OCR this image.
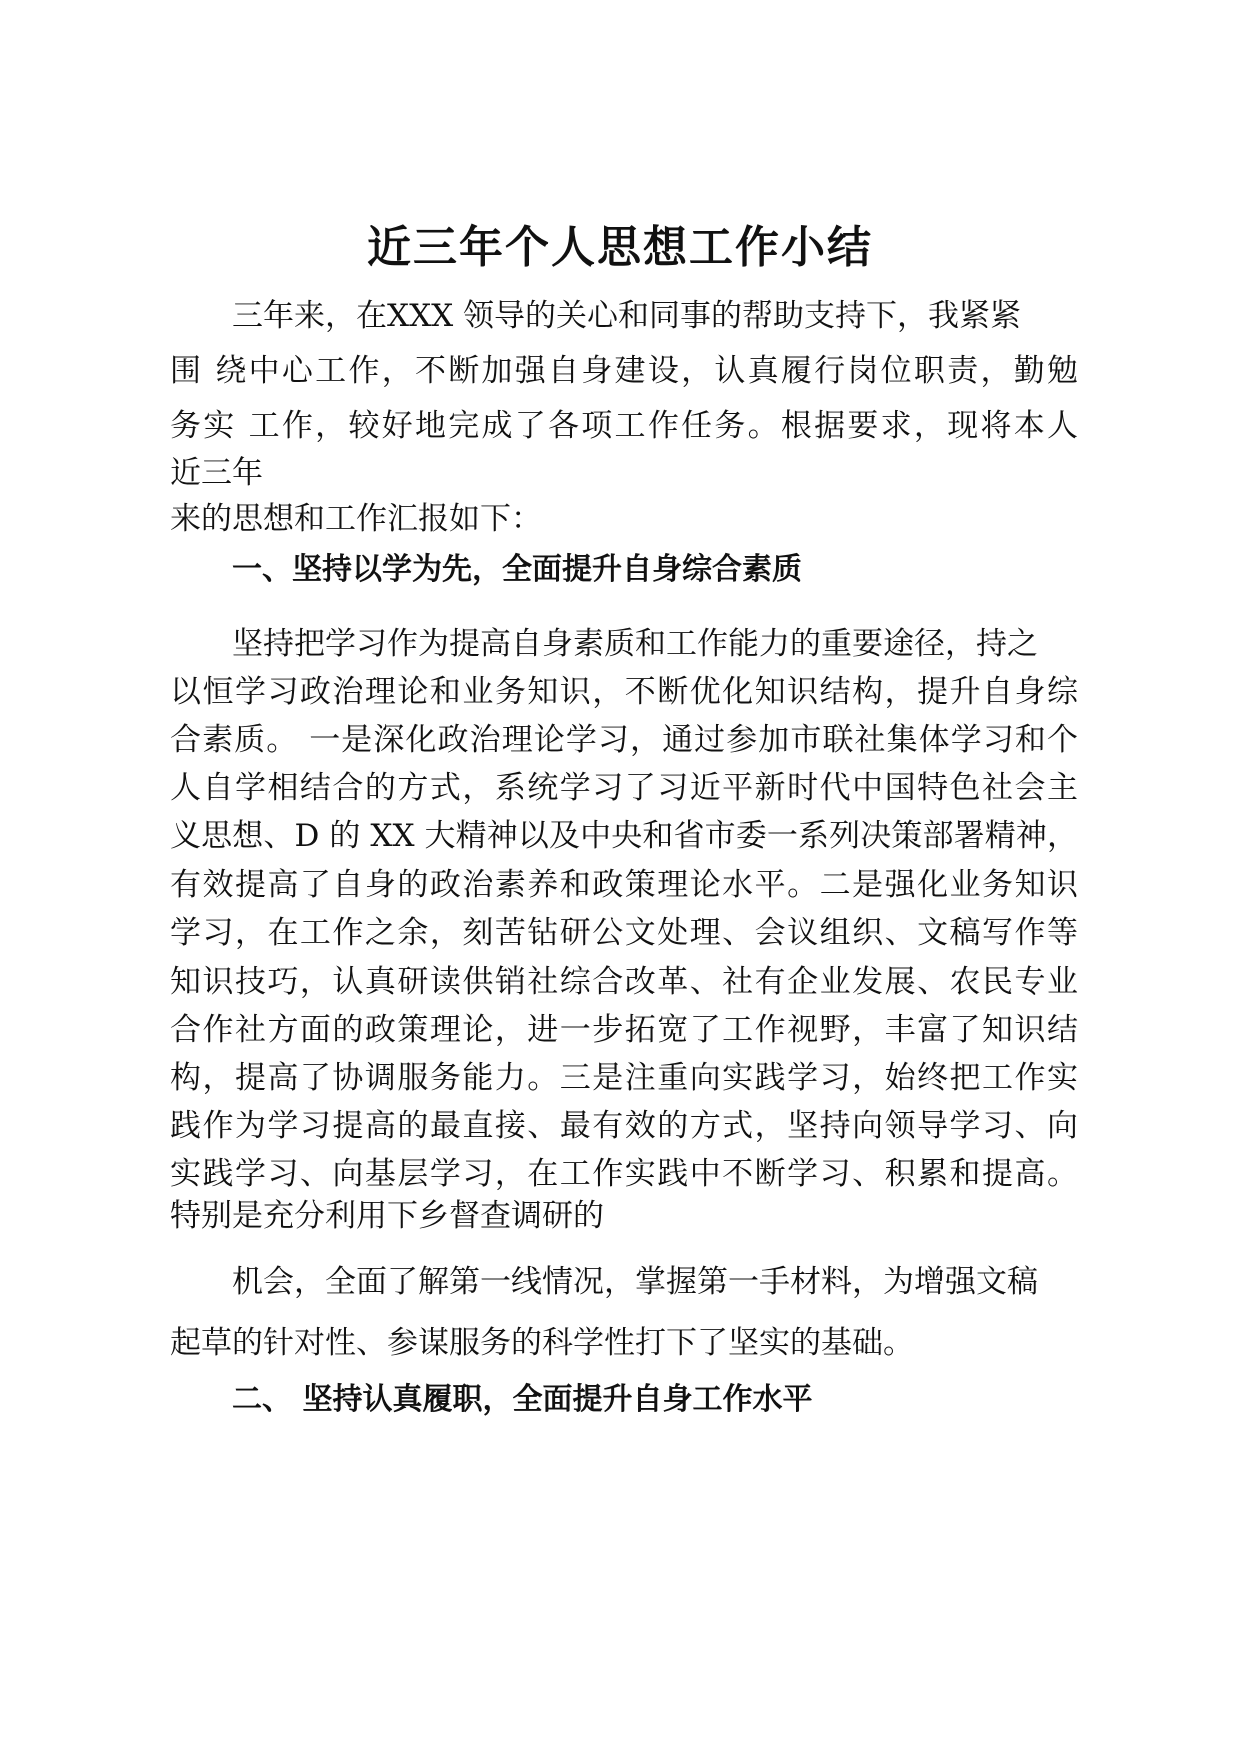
近三年个人思想工作小结
三年来，在XXX 领导的关心和同事的帮助支持下，我紧紧
围 绕中心工作，不断加强自身建设，认真履行岗位职责，勤勉
务实 工作，较好地完成了各项工作任务。根据要求，现将本人
近三年
来的思想和工作汇报如下：
一、坚持以学为先，全面提升自身综合素质
坚持把学习作为提高自身素质和工作能力的重要途径，持之
以恒学习政治理论和业务知识，不断优化知识结构，提升自身综
合素质。 一是深化政治理论学习，通过参加市联社集体学习和个
人自学相结合的方式，系统学习了习近平新时代中国特色社会主
义思想、D 的 XX 大精神以及中央和省市委一系列决策部署精神，
有效提高了自身的政治素养和政策理论水平。二是强化业务知识
学习，在工作之余，刻苦钻研公文处理、会议组织、文稿写作等
知识技巧，认真研读供销社综合改革、社有企业发展、农民专业
合作社方面的政策理论，进一步拓宽了工作视野，丰富了知识结
构，提高了协调服务能力。三是注重向实践学习，始终把工作实
践作为学习提高的最直接、最有效的方式，坚持向领导学习、向
实践学习、向基层学习，在工作实践中不断学习、积累和提高。
特别是充分利用下乡督查调研的
机会，全面了解第一线情况，掌握第一手材料，为增强文稿
起草的针对性、参谋服务的科学性打下了坚实的基础。
二、 坚持认真履职，全面提升自身工作水平
